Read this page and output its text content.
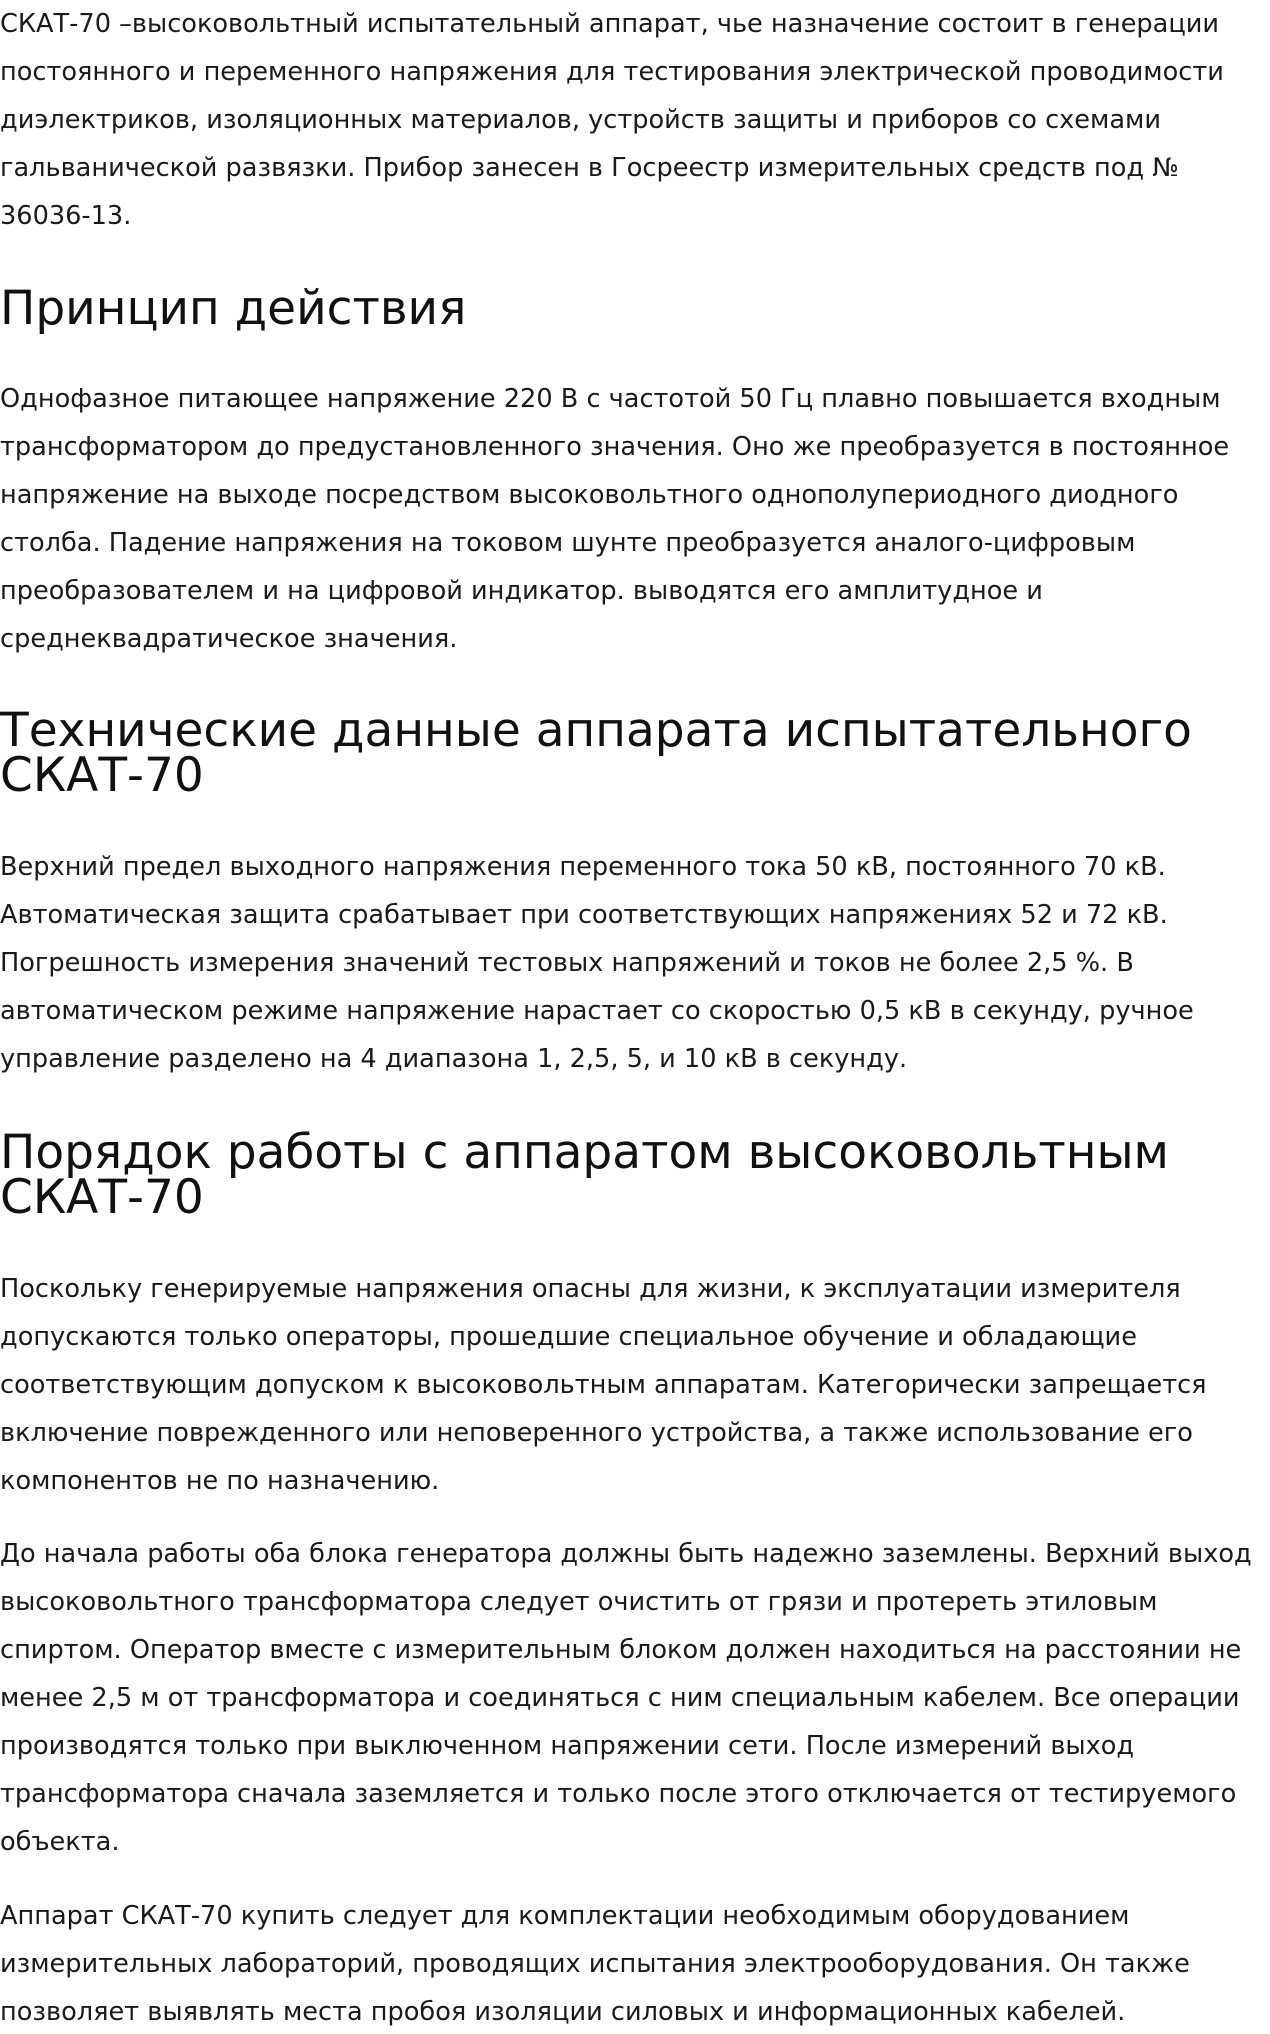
СКАТ-70 –высоковольтный испытательный аппарат, чье назначение состоит в генерации постоянного и переменного напряжения для тестирования электрической проводимости диэлектриков, изоляционных материалов, устройств защиты и приборов со схемами гальванической развязки. Прибор занесен в Госреестр измерительных средств под № 36036-13.

Принцип действия

Однофазное питающее напряжение 220 В с частотой 50 Гц плавно повышается входным трансформатором до предустановленного значения. Оно же преобразуется в постоянное напряжение на выходе посредством высоковольтного однополупериодного диодного столба. Падение напряжения на токовом шунте преобразуется аналого-цифровым преобразователем и на цифровой индикатор. выводятся его амплитудное и среднеквадратическое значения.

Технические данные аппарата испытательного СКАТ-70

Верхний предел выходного напряжения переменного тока 50 кВ, постоянного 70 кВ. Автоматическая защита срабатывает при соответствующих напряжениях 52 и 72 кВ. Погрешность измерения значений тестовых напряжений и токов не более 2,5 %. В автоматическом режиме напряжение нарастает со скоростью 0,5 кВ в секунду, ручное управление разделено на 4 диапазона 1, 2,5, 5, и 10 кВ в секунду.

Порядок работы с аппаратом высоковольтным СКАТ-70

Поскольку генерируемые напряжения опасны для жизни, к эксплуатации измерителя допускаются только операторы, прошедшие специальное обучение и обладающие соответствующим допуском к высоковольтным аппаратам. Категорически запрещается включение поврежденного или неповеренного устройства, а также использование его компонентов не по назначению.

До начала работы оба блока генератора должны быть надежно заземлены. Верхний выход высоковольтного трансформатора следует очистить от грязи и протереть этиловым спиртом. Оператор вместе с измерительным блоком должен находиться на расстоянии не менее 2,5 м от трансформатора и соединяться с ним специальным кабелем. Все операции производятся только при выключенном напряжении сети. После измерений выход трансформатора сначала заземляется и только после этого отключается от тестируемого объекта.

Аппарат СКАТ-70 купить следует для комплектации необходимым оборудованием измерительных лабораторий, проводящих испытания электрооборудования. Он также позволяет выявлять места пробоя изоляции силовых и информационных кабелей.
